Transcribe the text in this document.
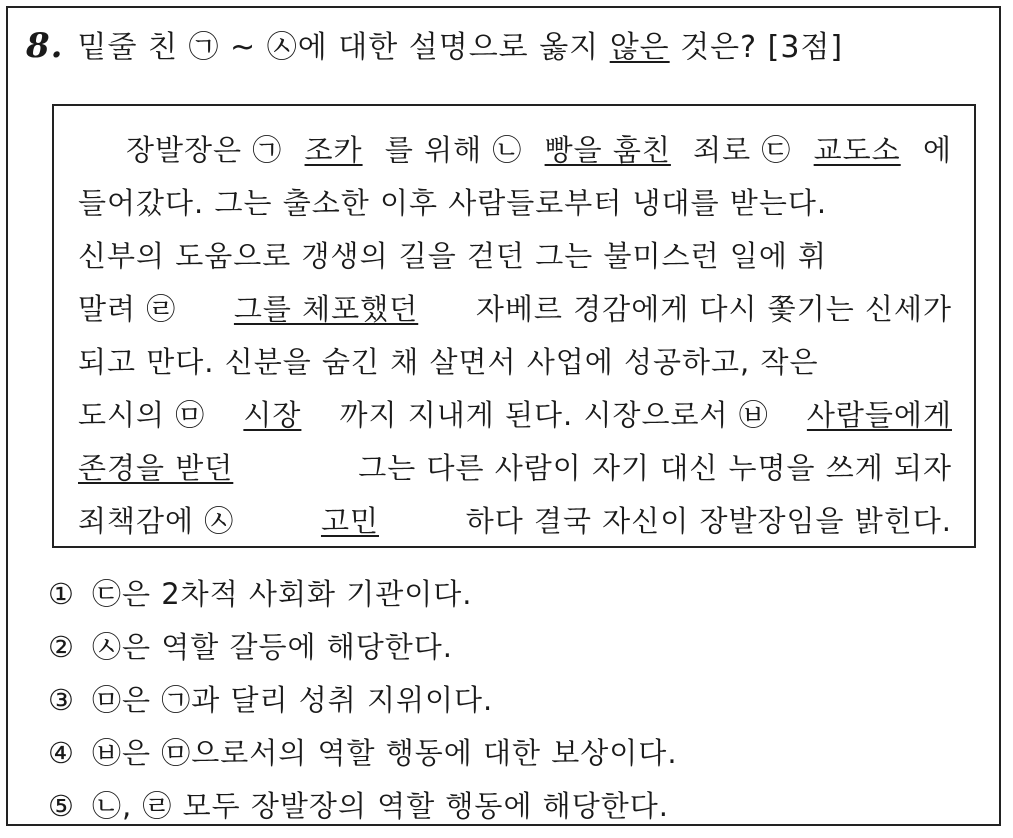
8. 밑줄 친 ㉠ ~ ㉦에 대한 설명으로 옳지 않은 것은? [3점]
장발장은 ㉠ 조카 를 위해 ㉡ 빵을 훔친 죄로 ㉢ 교도소 에
들어갔다. 그는 출소한 이후 사람들로부터 냉대를 받는다.
신부의 도움으로 갱생의 길을 걷던 그는 불미스런 일에 휘
말려 ㉣ 그를 체포했던 자베르 경감에게 다시 쫓기는 신세가
되고 만다. 신분을 숨긴 채 살면서 사업에 성공하고, 작은
도시의 ㉤ 시장 까지 지내게 된다. 시장으로서 ㉥ 사람들에게
존경을 받던	그는 다른 사람이 자기 대신 누명을 쓰게 되자
죄책감에 ㉦	고민	하다 결국 자신이 장발장임을 밝힌다.
① ㉢은 2차적 사회화 기관이다.
② ㉦은 역할 갈등에 해당한다.
③ ㉤은 ㉠과 달리 성취 지위이다.
④ ㉥은 ㉤으로서의 역할 행동에 대한 보상이다.
⑤ ㉡, ㉣ 모두 장발장의 역할 행동에 해당한다.
